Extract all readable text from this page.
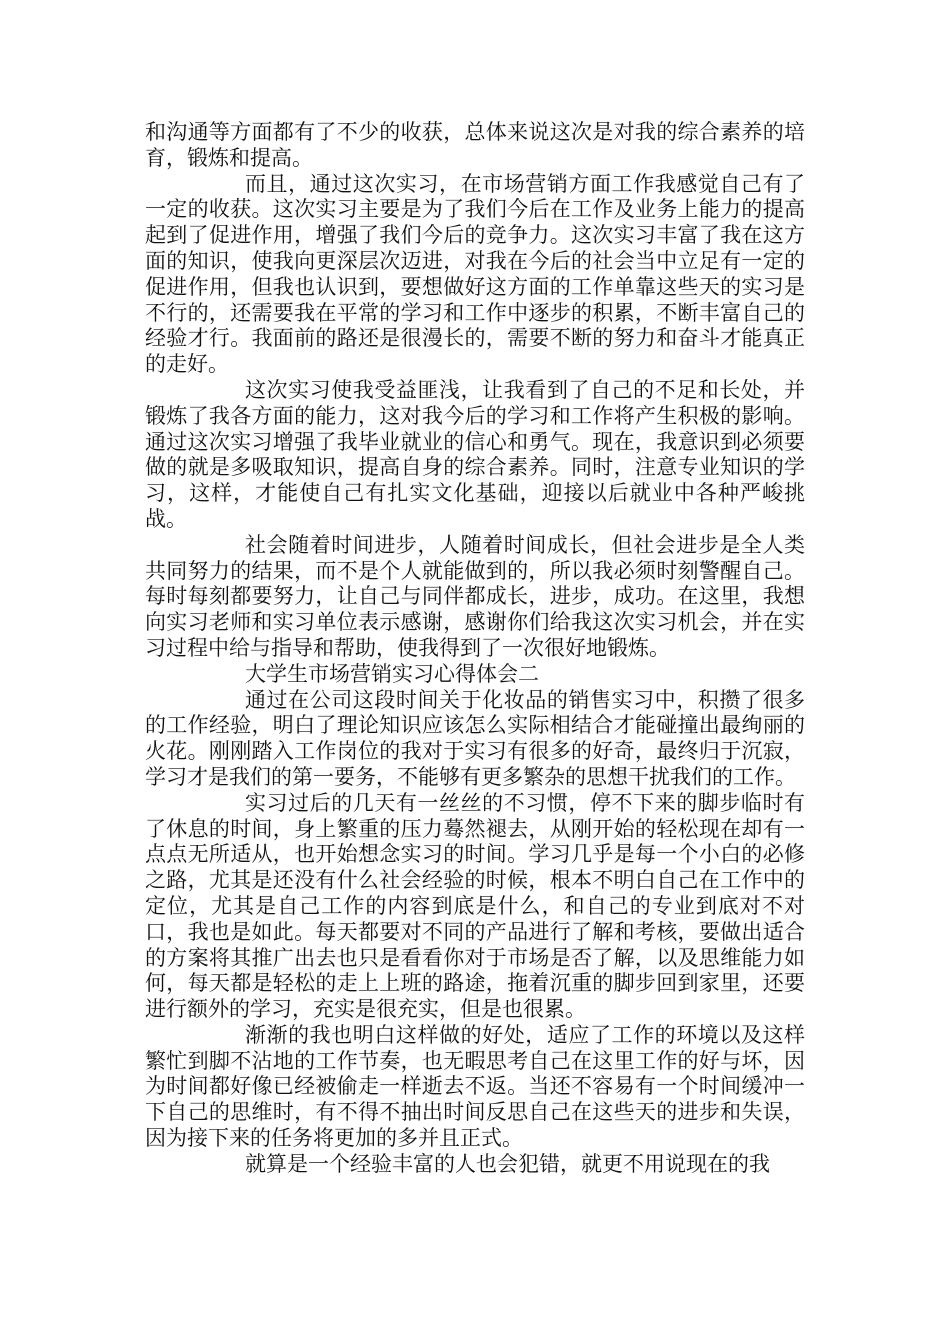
和沟通等方面都有了不少的收获，总体来说这次是对我的综合素养的培育，锻炼和提高。

而且，通过这次实习，在市场营销方面工作我感觉自己有了一定的收获。这次实习主要是为了我们今后在工作及业务上能力的提高起到了促进作用，增强了我们今后的竞争力。这次实习丰富了我在这方面的知识，使我向更深层次迈进，对我在今后的社会当中立足有一定的促进作用，但我也认识到，要想做好这方面的工作单靠这些天的实习是不行的，还需要我在平常的学习和工作中逐步的积累，不断丰富自己的经验才行。我面前的路还是很漫长的，需要不断的努力和奋斗才能真正的走好。

这次实习使我受益匪浅，让我看到了自己的不足和长处，并锻炼了我各方面的能力，这对我今后的学习和工作将产生积极的影响。通过这次实习增强了我毕业就业的信心和勇气。现在，我意识到必须要做的就是多吸取知识，提高自身的综合素养。同时，注意专业知识的学习，这样，才能使自己有扎实文化基础，迎接以后就业中各种严峻挑战。

社会随着时间进步，人随着时间成长，但社会进步是全人类共同努力的结果，而不是个人就能做到的，所以我必须时刻警醒自己。每时每刻都要努力，让自己与同伴都成长，进步，成功。在这里，我想向实习老师和实习单位表示感谢，感谢你们给我这次实习机会，并在实习过程中给与指导和帮助，使我得到了一次很好地锻炼。

大学生市场营销实习心得体会二

通过在公司这段时间关于化妆品的销售实习中，积攒了很多的工作经验，明白了理论知识应该怎么实际相结合才能碰撞出最绚丽的火花。刚刚踏入工作岗位的我对于实习有很多的好奇，最终归于沉寂，学习才是我们的第一要务，不能够有更多繁杂的思想干扰我们的工作。

实习过后的几天有一丝丝的不习惯，停不下来的脚步临时有了休息的时间，身上繁重的压力蓦然褪去，从刚开始的轻松现在却有一点点无所适从，也开始想念实习的时间。学习几乎是每一个小白的必修之路，尤其是还没有什么社会经验的时候，根本不明白自己在工作中的定位，尤其是自己工作的内容到底是什么，和自己的专业到底对不对口，我也是如此。每天都要对不同的产品进行了解和考核，要做出适合的方案将其推广出去也只是看看你对于市场是否了解，以及思维能力如何，每天都是轻松的走上上班的路途，拖着沉重的脚步回到家里，还要进行额外的学习，充实是很充实，但是也很累。

渐渐的我也明白这样做的好处，适应了工作的环境以及这样繁忙到脚不沾地的工作节奏，也无暇思考自己在这里工作的好与坏，因为时间都好像已经被偷走一样逝去不返。当还不容易有一个时间缓冲一下自己的思维时，有不得不抽出时间反思自己在这些天的进步和失误，因为接下来的任务将更加的多并且正式。

就算是一个经验丰富的人也会犯错，就更不用说现在的我
